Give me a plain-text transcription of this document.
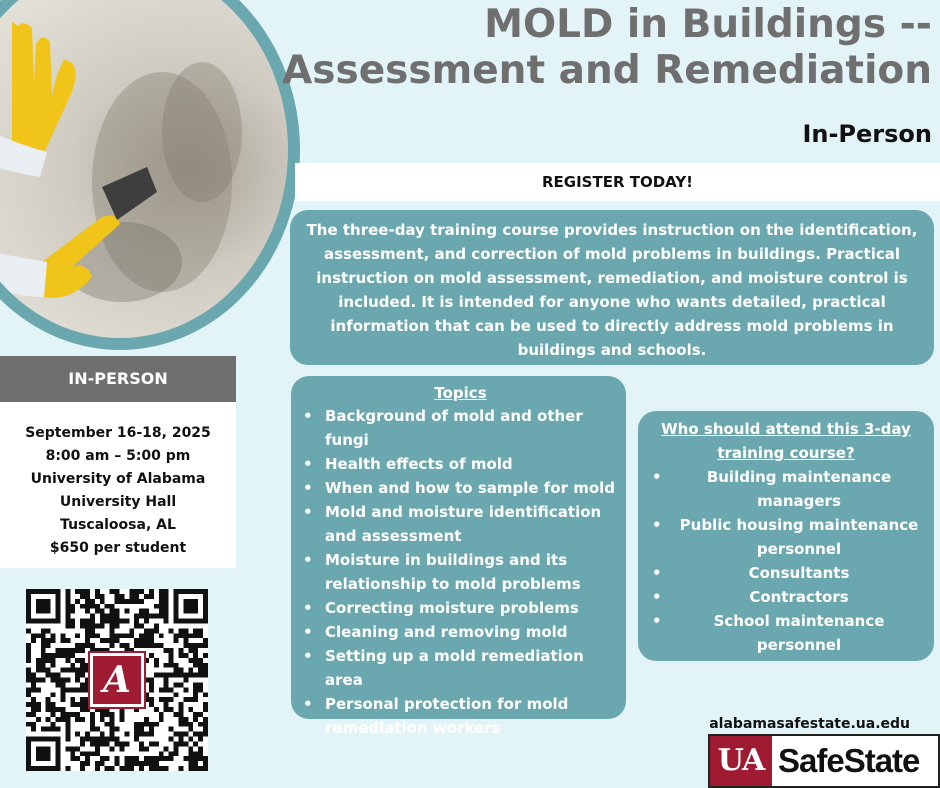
MOLD in Buildings --
Assessment and Remediation
In-Person
REGISTER TODAY!
The three-day training course provides instruction on the identification, assessment, and correction of mold problems in buildings. Practical instruction on mold assessment, remediation, and moisture control is included. It is intended for anyone who wants detailed, practical information that can be used to directly address mold problems in buildings and schools.
IN-PERSON
September 16-18, 2025
8:00 am – 5:00 pm
University of Alabama
University Hall
Tuscaloosa, AL
$650 per student
A
Topics
• Background of mold and other fungi
• Health effects of mold
• When and how to sample for mold
• Mold and moisture identification and assessment
• Moisture in buildings and its relationship to mold problems
• Correcting moisture problems
• Cleaning and removing mold
• Setting up a mold remediation area
• Personal protection for mold remediation workers
Who should attend this 3-day training course?
• Building maintenance managers
• Public housing maintenance personnel
• Consultants
• Contractors
• School maintenance personnel
alabamasafestate.ua.edu
UA SafeState
